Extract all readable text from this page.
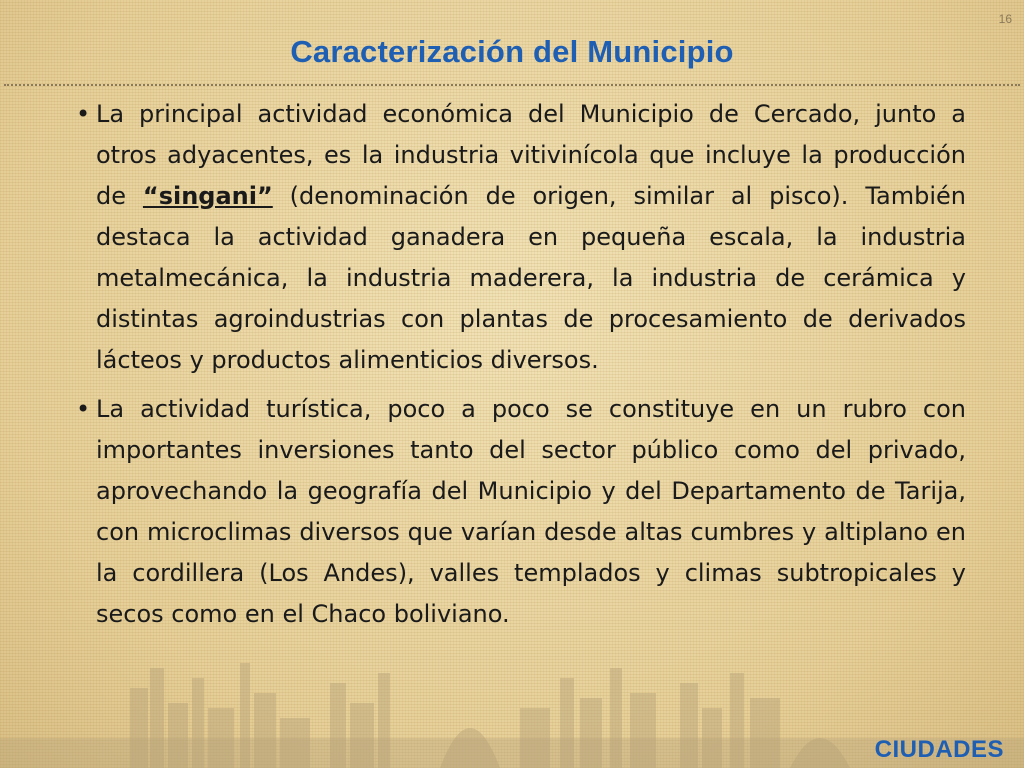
16
Caracterización del Municipio
• La principal actividad económica del Municipio de Cercado, junto a otros adyacentes, es la industria vitivinícola que incluye la producción de “singani” (denominación de origen, similar al pisco). También destaca la actividad ganadera en pequeña escala, la industria metalmecánica, la industria maderera, la industria de cerámica y distintas agroindustrias con plantas de procesamiento de derivados lácteos y productos alimenticios diversos.

• La actividad turística, poco a poco se constituye en un rubro con importantes inversiones tanto del sector público como del privado, aprovechando la geografía del Municipio y del Departamento de Tarija, con microclimas diversos que varían desde altas cumbres y altiplano en la cordillera (Los Andes), valles templados y climas subtropicales y secos como en el Chaco boliviano.

CIUDADES
